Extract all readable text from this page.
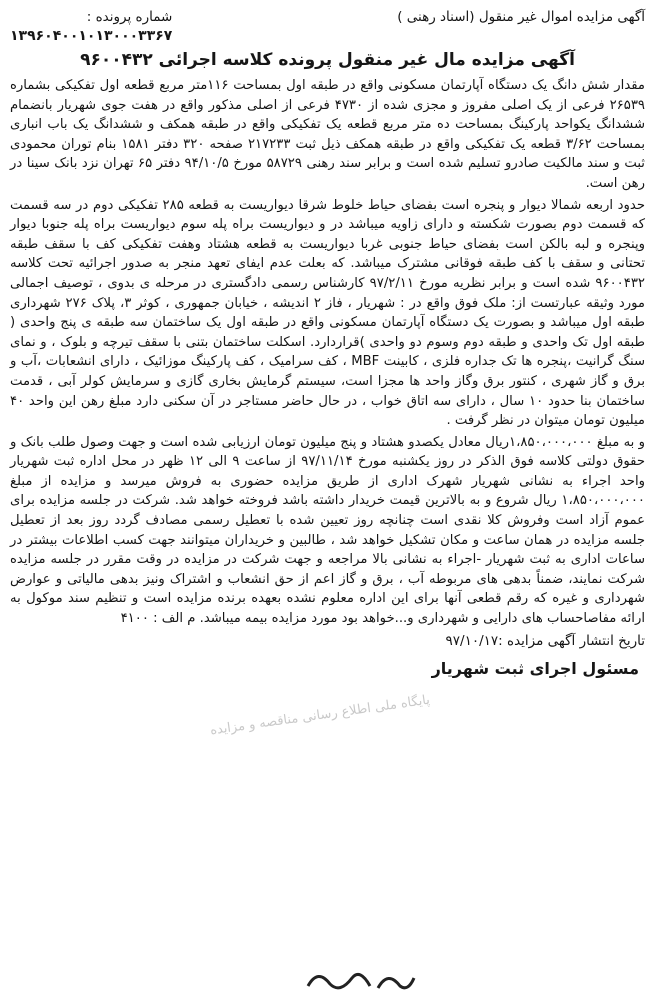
آگهی مزایده اموال غیر منقول (اسناد رهنی )
شماره پرونده :
۱۳۹۶۰۴۰۰۱۰۱۳۰۰۰۳۳۶۷
آگهی مزایده مال غیر منقول پرونده کلاسه اجرائی ۹۶۰۰۴۳۲

مقدار شش دانگ یک دستگاه آپارتمان مسکونی واقع در طبقه اول بمساحت ۱۱۶متر مربع قطعه اول تفکیکی بشماره ۲۶۵۳۹ فرعی از یک اصلی مفروز و مجزی شده از ۴۷۳۰ فرعی از اصلی مذکور واقع در هفت جوی شهریار بانضمام ششدانگ یکواحد پارکینگ بمساحت ده متر مربع قطعه یک تفکیکی واقع در طبقه همکف و ششدانگ یک باب انباری بمساحت ۳/۶۲ قطعه یک تفکیکی واقع در طبقه همکف ذیل ثبت ۲۱۷۲۳۳ صفحه ۳۲۰ دفتر ۱۵۸۱ بنام توران محمودی ثبت و سند مالکیت صادرو تسلیم شده است و برابر سند رهنی ۵۸۷۲۹ مورخ ۹۴/۱۰/۵ دفتر ۶۵ تهران نزد بانک سینا در رهن است.

حدود اربعه شمالا دیوار و پنجره است بفضای حیاط خلوط شرقا دیواریست به قطعه ۲۸۵ تفکیکی دوم در سه قسمت که قسمت دوم بصورت شکسته و دارای زاویه میباشد در و دیواریست براه پله سوم دیواریست براه پله جنوبا دیوار وپنجره و لبه بالکن است بفضای حیاط جنوبی غربا دیواریست به قطعه هشتاد وهفت تفکیکی کف با سقف طبقه تحتانی و سقف با کف طبقه فوقانی مشترک میباشد. که بعلت عدم ایفای تعهد منجر به صدور اجرائیه تحت کلاسه ۹۶۰۰۴۳۲ شده است و برابر نظریه مورخ ۹۷/۲/۱۱ کارشناس رسمی دادگستری در مرحله ی بدوی ، توصیف اجمالی مورد وثیقه عبارتست از: ملک فوق واقع در : شهریار ، فاز ۲ اندیشه ، خیابان جمهوری ، کوثر ۳، پلاک ۲۷۶ شهرداری طبقه اول میباشد و بصورت یک دستگاه آپارتمان مسکونی واقع در طبقه اول یک ساختمان سه طبقه ی پنج واحدی ( طبقه اول تک واحدی و طبقه دوم وسوم دو واحدی )قراردارد. اسکلت ساختمان بتنی با سقف تیرچه و بلوک ، و نمای سنگ گرانیت ،پنجره ها تک جداره فلزی ، کابینت MBF ، کف سرامیک ، کف پارکینگ موزائیک ، دارای انشعابات ،آب و برق و گاز شهری ، کنتور برق وگاز واحد ها مجزا است، سیستم گرمایش بخاری گازی و سرمایش کولر آبی ، قدمت ساختمان بنا حدود ۱۰ سال ، دارای سه اتاق خواب ، در حال حاضر مستاجر در آن سکنی دارد مبلغ رهن این واحد ۴۰ میلیون تومان میتوان در نظر گرفت .

و به مبلغ ۱،۸۵۰،۰۰۰،۰۰۰ریال معادل یکصدو هشتاد و پنج میلیون تومان ارزیابی شده است و جهت وصول طلب بانک و حقوق دولتی کلاسه فوق الذکر در روز یکشنبه مورخ ۹۷/۱۱/۱۴ از ساعت ۹ الی ۱۲ ظهر در محل اداره ثبت شهریار واحد اجراء به نشانی شهریار شهرک اداری از طریق مزایده حضوری به فروش میرسد و مزایده از مبلغ ۱،۸۵۰،۰۰۰،۰۰۰ ریال شروع و به بالاترین قیمت خریدار داشته باشد فروخته خواهد شد. شرکت در جلسه مزایده برای عموم آزاد است وفروش کلا نقدی است چنانچه روز تعیین شده با تعطیل رسمی مصادف گردد روز بعد از تعطیل جلسه مزایده در همان ساعت و مکان تشکیل خواهد شد ، طالبین و خریداران میتوانند جهت کسب اطلاعات بیشتر در ساعات اداری به ثبت شهریار -اجراء به نشانی بالا مراجعه و جهت شرکت در مزایده در وقت مقرر در جلسه مزایده شرکت نمایند، ضمناً بدهی های مربوطه آب ، برق و گاز اعم از حق انشعاب و اشتراک ونیز بدهی مالیاتی و عوارض شهرداری و غیره که رقم قطعی آنها برای این اداره معلوم نشده بعهده برنده مزایده است و تنظیم سند موکول به ارائه مفاصاحساب های دارایی و شهرداری و...خواهد بود مورد مزایده بیمه میباشد. م الف : ۴۱۰۰

تاریخ انتشار آگهی مزایده :۹۷/۱۰/۱۷
مسئول اجرای ثبت شهریار
پایگاه ملی اطلاع رسانی مناقصه و مزایده
